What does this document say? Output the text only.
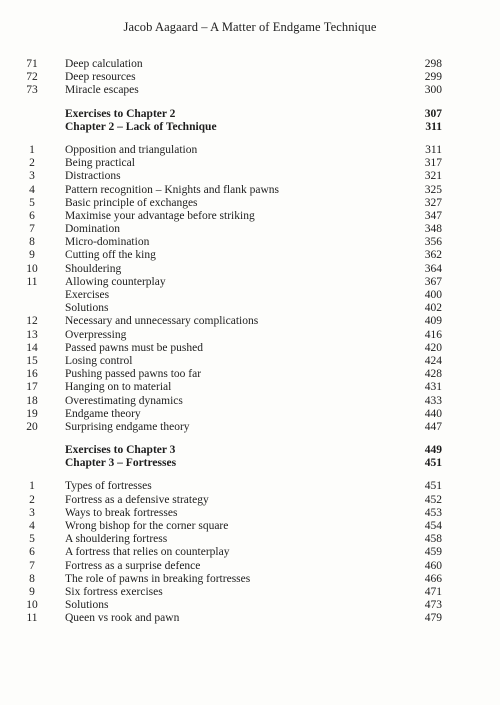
Jacob Aagaard – A Matter of Endgame Technique
71	Deep calculation	298
72	Deep resources	299
73	Miracle escapes	300
Exercises to Chapter 2	307
Chapter 2 – Lack of Technique	311
1	Opposition and triangulation	311
2	Being practical	317
3	Distractions	321
4	Pattern recognition – Knights and flank pawns	325
5	Basic principle of exchanges	327
6	Maximise your advantage before striking	347
7	Domination	348
8	Micro-domination	356
9	Cutting off the king	362
10	Shouldering	364
11	Allowing counterplay	367
Exercises	400
Solutions	402
12	Necessary and unnecessary complications	409
13	Overpressing	416
14	Passed pawns must be pushed	420
15	Losing control	424
16	Pushing passed pawns too far	428
17	Hanging on to material	431
18	Overestimating dynamics	433
19	Endgame theory	440
20	Surprising endgame theory	447
Exercises to Chapter 3	449
Chapter 3 – Fortresses	451
1	Types of fortresses	451
2	Fortress as a defensive strategy	452
3	Ways to break fortresses	453
4	Wrong bishop for the corner square	454
5	A shouldering fortress	458
6	A fortress that relies on counterplay	459
7	Fortress as a surprise defence	460
8	The role of pawns in breaking fortresses	466
9	Six fortress exercises	471
10	Solutions	473
11	Queen vs rook and pawn	479
